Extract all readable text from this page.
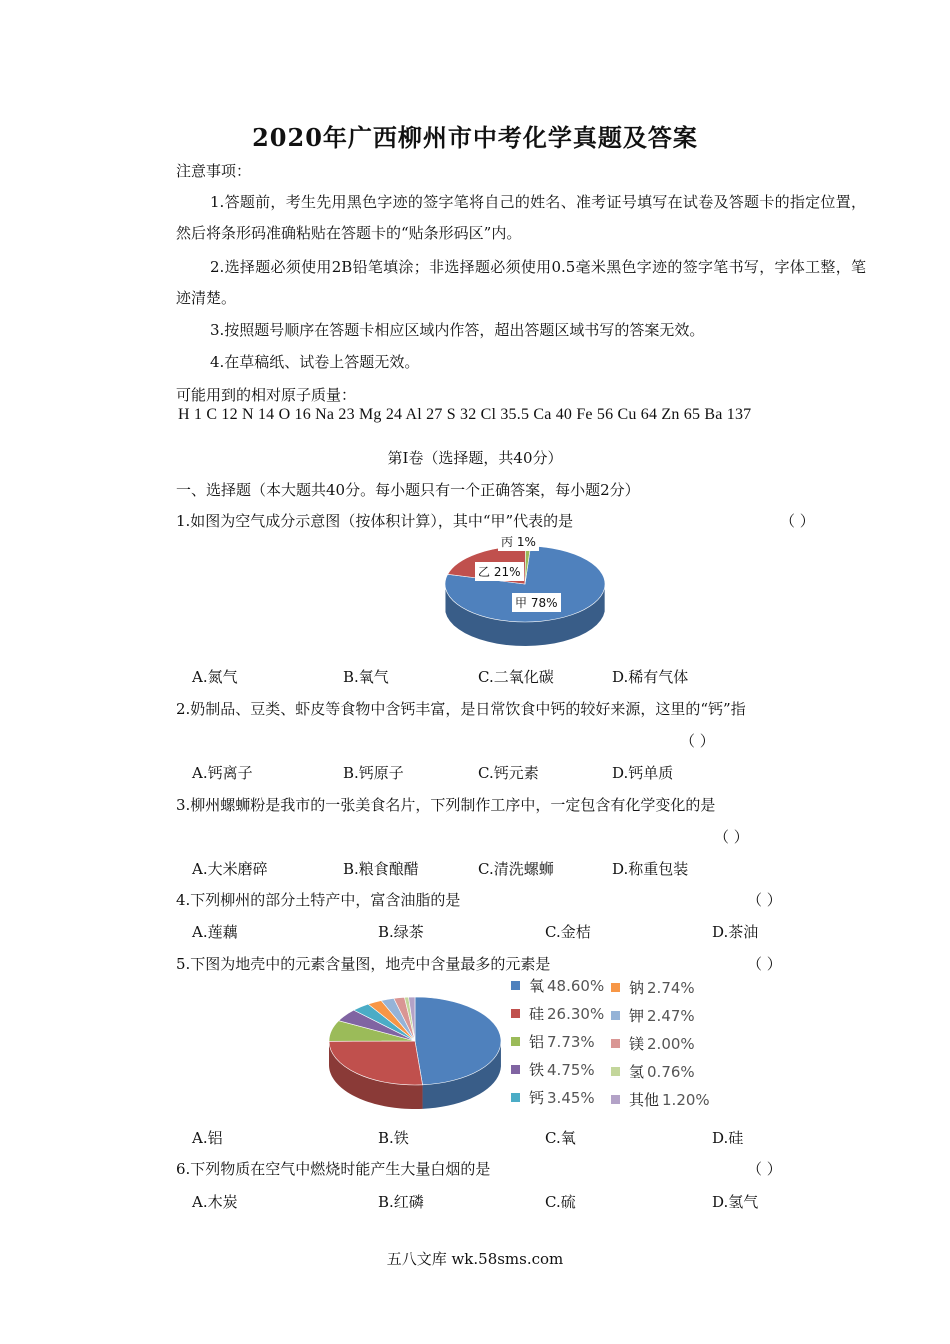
2020年广西柳州市中考化学真题及答案
注意事项：
1.答题前，考生先用黑色字迹的签字笔将自己的姓名、准考证号填写在试卷及答题卡的指定位置，然后将条形码准确粘贴在答题卡的“贴条形码区”内。
2.选择题必须使用2B铅笔填涂；非选择题必须使用0.5毫米黑色字迹的签字笔书写，字体工整，笔迹清楚。
3.按照题号顺序在答题卡相应区域内作答，超出答题区域书写的答案无效。
4.在草稿纸、试卷上答题无效。
可能用到的相对原子质量：
H 1 C 12 N 14 O 16 Na 23 Mg 24 Al 27 S 32 Cl 35.5 Ca 40 Fe 56 Cu 64 Zn 65 Ba 137
第Ⅰ卷（选择题，共40分）
一、选择题（本大题共40分。每小题只有一个正确答案，每小题2分）
1.如图为空气成分示意图（按体积计算），其中“甲”代表的是	（ ）
丙 1%
乙 21%
甲 78%
A.氮气	B.氧气	C.二氧化碳	D.稀有气体
2.奶制品、豆类、虾皮等食物中含钙丰富，是日常饮食中钙的较好来源，这里的“钙”指
（ ）
A.钙离子	B.钙原子	C.钙元素	D.钙单质
3.柳州螺蛳粉是我市的一张美食名片，下列制作工序中，一定包含有化学变化的是
（ ）
A.大米磨碎	B.粮食酿醋	C.清洗螺蛳	D.称重包装
4.下列柳州的部分土特产中，富含油脂的是	（ ）
A.莲藕	B.绿茶	C.金桔	D.茶油
5.下图为地壳中的元素含量图，地壳中含量最多的元素是	（ ）
A.铝	B.铁	C.氧	D.硅
6.下列物质在空气中燃烧时能产生大量白烟的是	（ ）
A.木炭	B.红磷	C.硫	D.氢气
五八文库 wk.58sms.com
氧 48.60%
硅 26.30%
铝 7.73%
铁 4.75%
钙 3.45%
钠 2.74%
钾 2.47%
镁 2.00%
氢 0.76%
其他 1.20%
